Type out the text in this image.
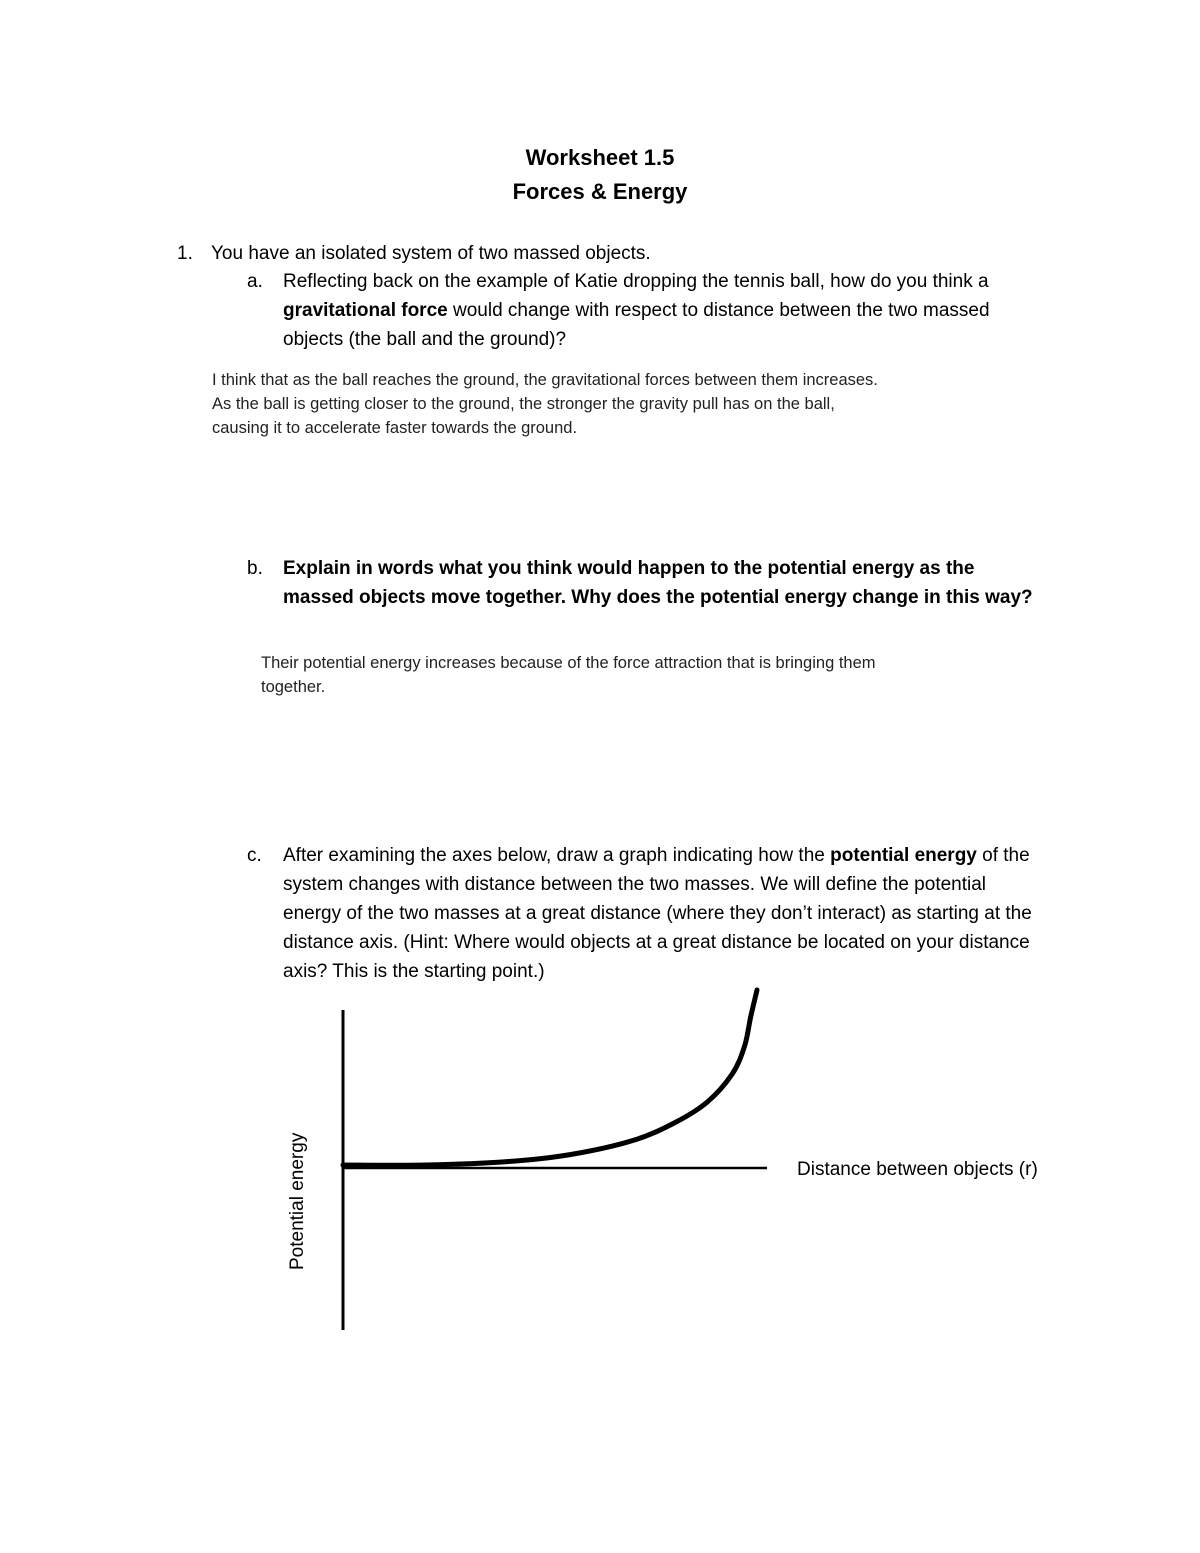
Worksheet 1.5
Forces & Energy
1. You have an isolated system of two massed objects.
a. Reflecting back on the example of Katie dropping the tennis ball, how do you think a gravitational force would change with respect to distance between the two massed objects (the ball and the ground)?
I think that as the ball reaches the ground, the gravitational forces between them increases.
As the ball is getting closer to the ground, the stronger the gravity pull has on the ball,
causing it to accelerate faster towards the ground.
b. Explain in words what you think would happen to the potential energy as the massed objects move together. Why does the potential energy change in this way?
Their potential energy increases because of the force attraction that is bringing them
together.
c. After examining the axes below, draw a graph indicating how the potential energy of the system changes with distance between the two masses. We will define the potential energy of the two masses at a great distance (where they don’t interact) as starting at the distance axis. (Hint: Where would objects at a great distance be located on your distance axis? This is the starting point.)
Distance between objects (r)
Potential energy
